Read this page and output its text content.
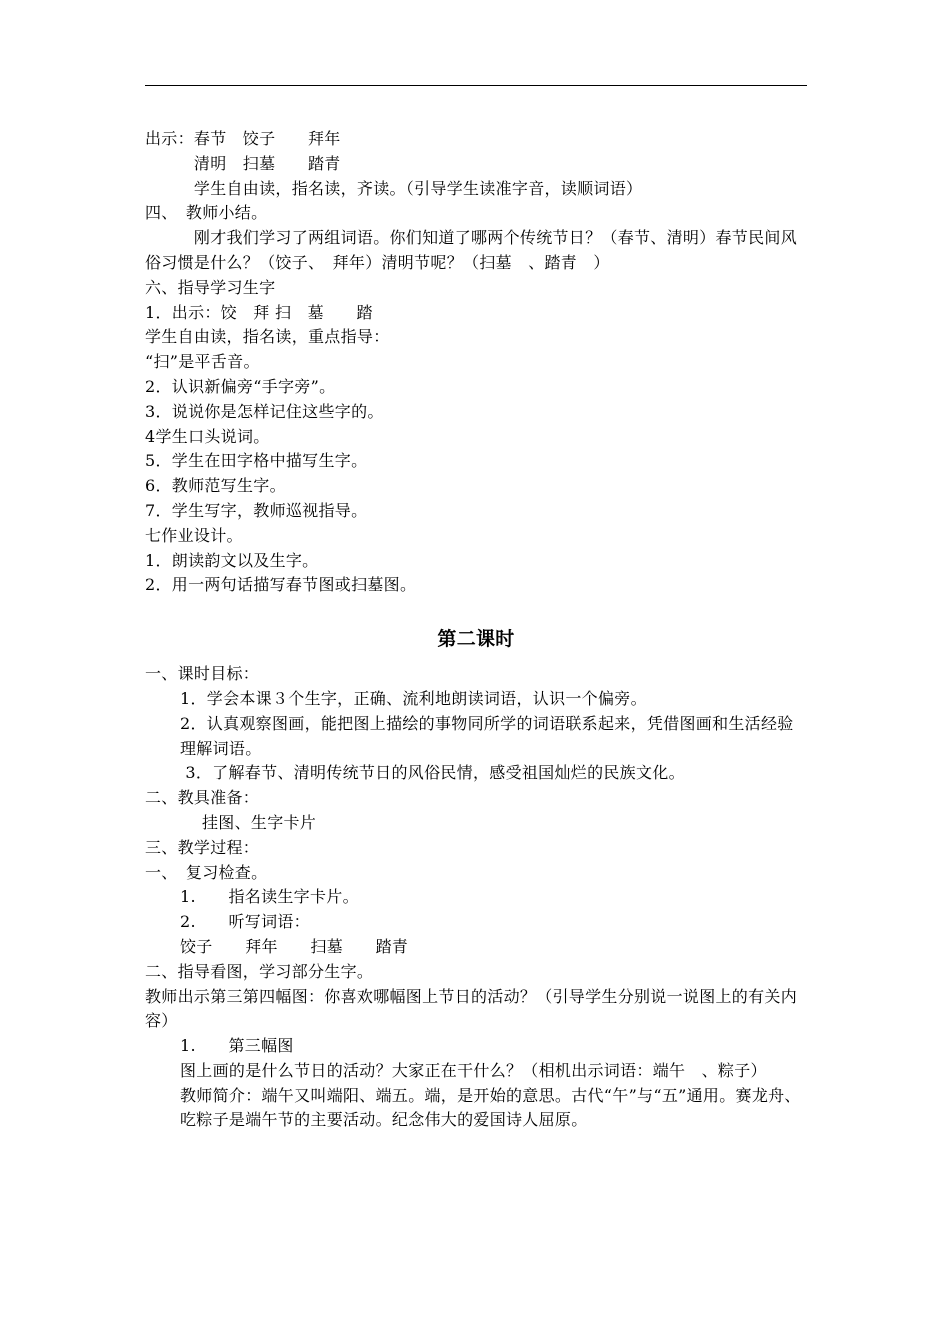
出示：春节　饺子　　拜年
　　　清明　扫墓　　踏青
　　　学生自由读，指名读，齐读。（引导学生读准字音，读顺词语）
四、　教师小结。
　　　刚才我们学习了两组词语。你们知道了哪两个传统节日？（春节、清明）春节民间风俗习惯是什么？（饺子、　拜年）清明节呢？（扫墓　、踏青　）
六、指导学习生字
1．出示：饺　拜 扫　墓　　踏
学生自由读，指名读，重点指导：
“扫”是平舌音。
2．认识新偏旁“手字旁”。
3．说说你是怎样记住这些字的。
4学生口头说词。
5．学生在田字格中描写生字。
6．教师范写生字。
7．学生写字，教师巡视指导。
七作业设计。
1．朗读韵文以及生字。
2．用一两句话描写春节图或扫墓图。
第二课时
一、课时目标：
1．学会本课３个生字，正确、流利地朗读词语，认识一个偏旁。
2．认真观察图画，能把图上描绘的事物同所学的词语联系起来，凭借图画和生活经验理解词语。
3．了解春节、清明传统节日的风俗民情，感受祖国灿烂的民族文化。
二、教具准备：
挂图、生字卡片
三、教学过程：
一、　复习检查。
1.　　指名读生字卡片。
2.　　听写词语：
饺子　　拜年　　扫墓　　踏青
二、指导看图，学习部分生字。
教师出示第三第四幅图：你喜欢哪幅图上节日的活动？（引导学生分别说一说图上的有关内容）
1.　　第三幅图
图上画的是什么节日的活动？大家正在干什么？（相机出示词语：端午　、粽子）
教师简介：端午又叫端阳、端五。端，是开始的意思。古代“午”与“五”通用。赛龙舟、吃粽子是端午节的主要活动。纪念伟大的爱国诗人屈原。
